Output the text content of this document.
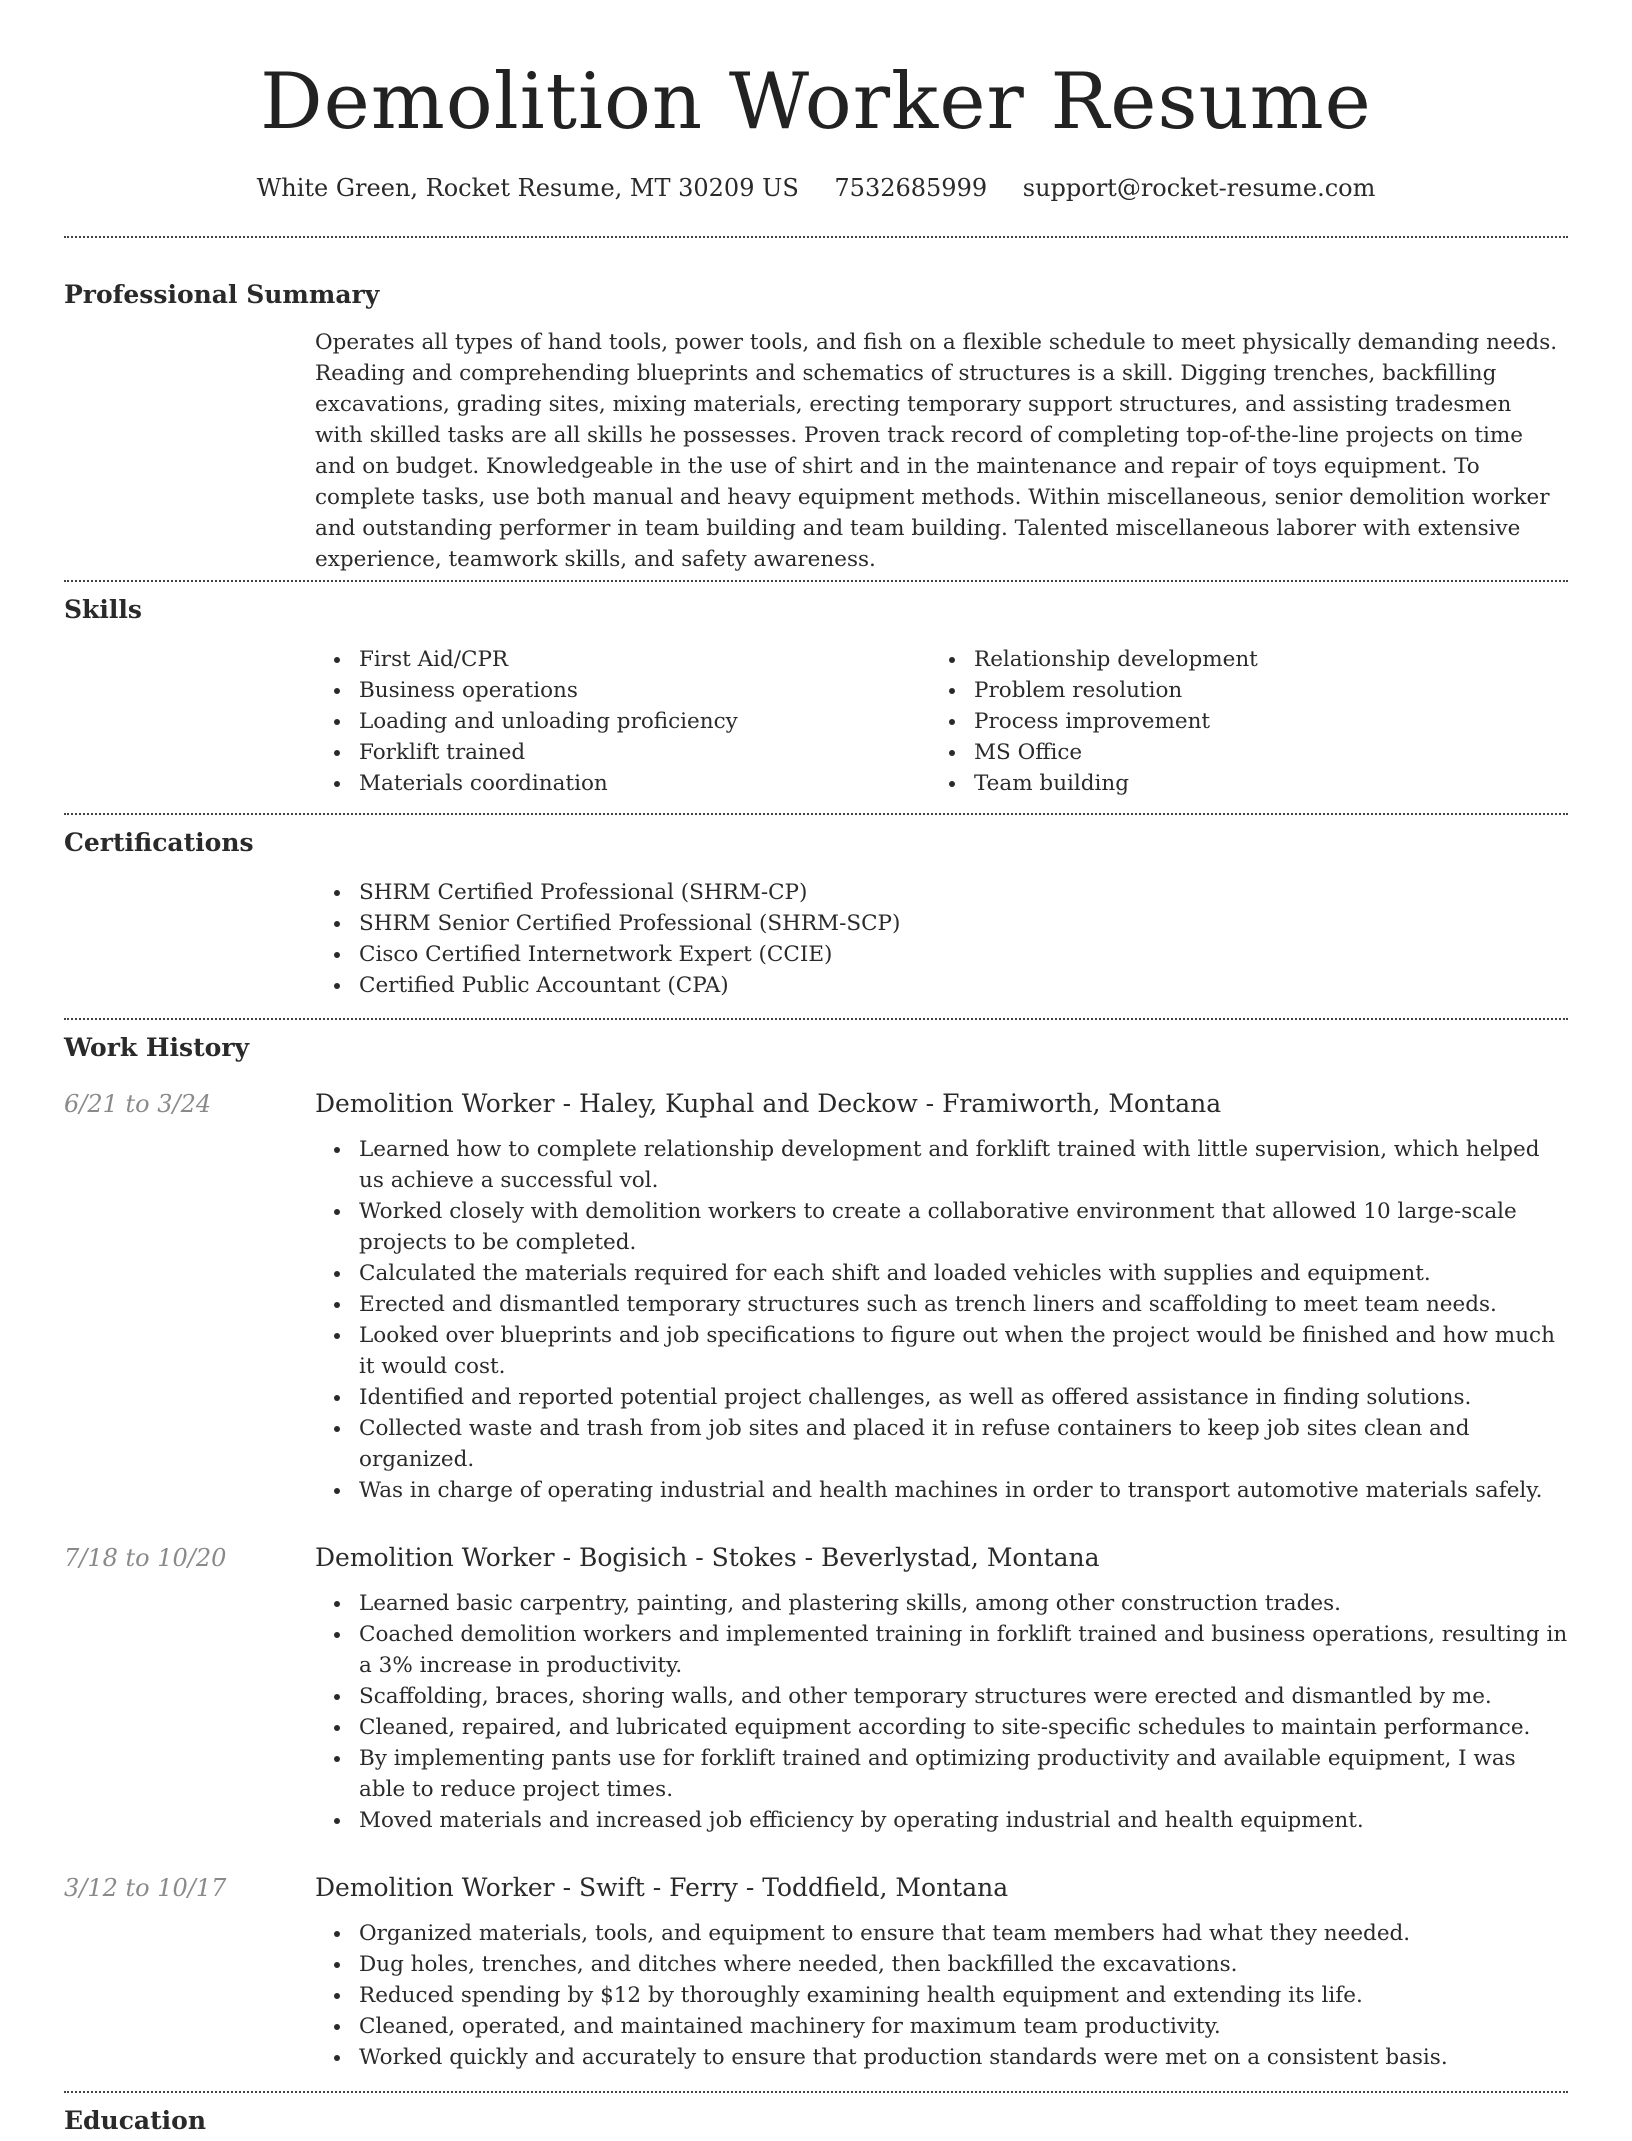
Demolition Worker Resume
White Green, Rocket Resume, MT 30209 US 7532685999 support@rocket-resume.com
Professional Summary

Operates all types of hand tools, power tools, and fish on a flexible schedule to meet physically demanding needs. Reading and comprehending blueprints and schematics of structures is a skill. Digging trenches, backfilling excavations, grading sites, mixing materials, erecting temporary support structures, and assisting tradesmen with skilled tasks are all skills he possesses. Proven track record of completing top-of-the-line projects on time and on budget. Knowledgeable in the use of shirt and in the maintenance and repair of toys equipment. To complete tasks, use both manual and heavy equipment methods. Within miscellaneous, senior demolition worker and outstanding performer in team building and team building. Talented miscellaneous laborer with extensive experience, teamwork skills, and safety awareness.

Skills
First Aid/CPR
Business operations
Loading and unloading proficiency
Forklift trained
Materials coordination
Relationship development
Problem resolution
Process improvement
MS Office
Team building
Certifications
SHRM Certified Professional (SHRM-CP)
SHRM Senior Certified Professional (SHRM-SCP)
Cisco Certified Internetwork Expert (CCIE)
Certified Public Accountant (CPA)
Work History
6/21 to 3/24	Demolition Worker - Haley, Kuphal and Deckow - Framiworth, Montana
Learned how to complete relationship development and forklift trained with little supervision, which helped us achieve a successful vol.
Worked closely with demolition workers to create a collaborative environment that allowed 10 large-scale projects to be completed.
Calculated the materials required for each shift and loaded vehicles with supplies and equipment.
Erected and dismantled temporary structures such as trench liners and scaffolding to meet team needs.
Looked over blueprints and job specifications to figure out when the project would be finished and how much it would cost.
Identified and reported potential project challenges, as well as offered assistance in finding solutions.
Collected waste and trash from job sites and placed it in refuse containers to keep job sites clean and organized.
Was in charge of operating industrial and health machines in order to transport automotive materials safely.
7/18 to 10/20	Demolition Worker - Bogisich - Stokes - Beverlystad, Montana
Learned basic carpentry, painting, and plastering skills, among other construction trades.
Coached demolition workers and implemented training in forklift trained and business operations, resulting in a 3% increase in productivity.
Scaffolding, braces, shoring walls, and other temporary structures were erected and dismantled by me.
Cleaned, repaired, and lubricated equipment according to site-specific schedules to maintain performance.
By implementing pants use for forklift trained and optimizing productivity and available equipment, I was able to reduce project times.
Moved materials and increased job efficiency by operating industrial and health equipment.
3/12 to 10/17	Demolition Worker - Swift - Ferry - Toddfield, Montana
Organized materials, tools, and equipment to ensure that team members had what they needed.
Dug holes, trenches, and ditches where needed, then backfilled the excavations.
Reduced spending by $12 by thoroughly examining health equipment and extending its life.
Cleaned, operated, and maintained machinery for maximum team productivity.
Worked quickly and accurately to ensure that production standards were met on a consistent basis.
Education
